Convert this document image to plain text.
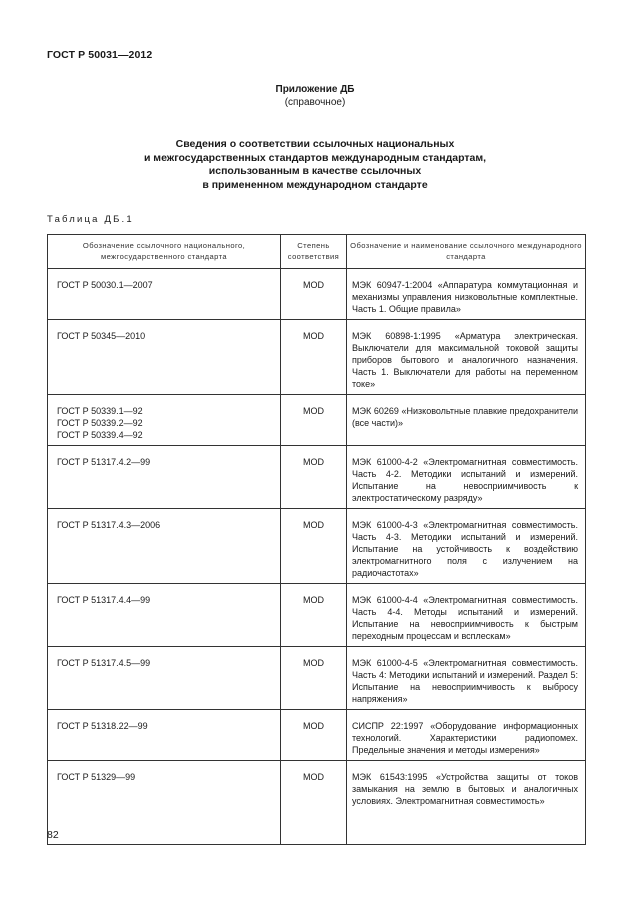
ГОСТ Р 50031—2012
Приложение ДБ
(справочное)
Сведения о соответствии ссылочных национальных
и межгосударственных стандартов международным стандартам,
использованным в качестве ссылочных
в примененном международном стандарте
Таблица ДБ.1
Обозначение ссылочного национального, межгосударственного стандарта	Степень соответствия	Обозначение и наименование ссылочного международного стандарта

ГОСТ Р 50030.1—2007	MOD	МЭК 60947-1:2004 «Аппаратура коммутационная и механизмы управления низковольтные комплектные. Часть 1. Общие правила»

ГОСТ Р 50345—2010	MOD	МЭК 60898-1:1995 «Арматура электрическая. Выключатели для максимальной токовой защиты приборов бытового и аналогичного назначения. Часть 1. Выключатели для работы на переменном токе»

ГОСТ Р 50339.1—92
ГОСТ Р 50339.2—92
ГОСТ Р 50339.4—92	MOD	МЭК 60269 «Низковольтные плавкие предохранители (все части)»

ГОСТ Р 51317.4.2—99	MOD	МЭК 61000-4-2 «Электромагнитная совместимость. Часть 4-2. Методики испытаний и измерений. Испытание на невосприимчивость к электростатическому разряду»

ГОСТ Р 51317.4.3—2006	MOD	МЭК 61000-4-3 «Электромагнитная совместимость. Часть 4-3. Методики испытаний и измерений. Испытание на устойчивость к воздействию электромагнитного поля с излучением на радиочастотах»

ГОСТ Р 51317.4.4—99	MOD	МЭК 61000-4-4 «Электромагнитная совместимость. Часть 4-4. Методы испытаний и измерений. Испытание на невосприимчивость к быстрым переходным процессам и всплескам»

ГОСТ Р 51317.4.5—99	MOD	МЭК 61000-4-5 «Электромагнитная совместимость. Часть 4: Методики испытаний и измерений. Раздел 5: Испытание на невосприимчивость к выбросу напряжения»

ГОСТ Р 51318.22—99	MOD	СИСПР 22:1997 «Оборудование информационных технологий. Характеристики радиопомех. Предельные значения и методы измерения»

ГОСТ Р 51329—99	MOD	МЭК 61543:1995 «Устройства защиты от токов замыкания на землю в бытовых и аналогичных условиях. Электромагнитная совместимость»
82
